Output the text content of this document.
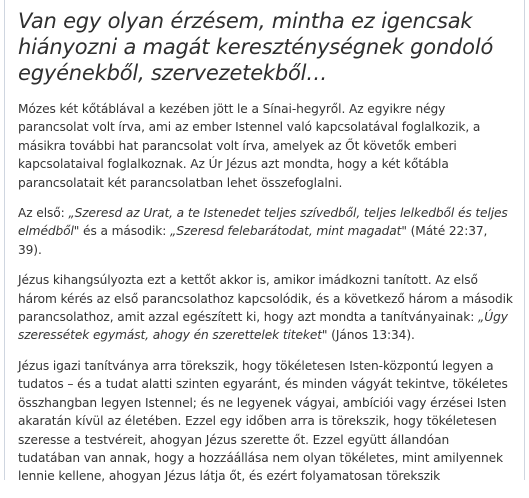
Van egy olyan érzésem, mintha ez igencsak hiányozni a magát kereszténységnek gondoló egyénekből, szervezetekből…

Mózes két kőtáblával a kezében jött le a Sínai-hegyről. Az egyikre négy parancsolat volt írva, ami az ember Istennel való kapcsolatával foglalkozik, a másikra további hat parancsolat volt írva, amelyek az Őt követők emberi kapcsolataival foglalkoznak. Az Úr Jézus azt mondta, hogy a két kőtábla parancsolatait két parancsolatban lehet összefoglalni.

Az első: „Szeresd az Urat, a te Istenedet teljes szívedből, teljes lelkedből és teljes elmédből" és a második: „Szeresd felebarátodat, mint magadat" (Máté 22:37, 39).

Jézus kihangsúlyozta ezt a kettőt akkor is, amikor imádkozni tanított. Az első három kérés az első parancsolathoz kapcsolódik, és a következő három a második parancsolathoz, amit azzal egészített ki, hogy azt mondta a tanítványainak: „Úgy szeressétek egymást, ahogy én szerettelek titeket" (János 13:34).

Jézus igazi tanítványa arra törekszik, hogy tökéletesen Isten-központú legyen a tudatos – és a tudat alatti szinten egyaránt, és minden vágyát tekintve, tökéletes összhangban legyen Istennel; és ne legyenek vágyai, ambíciói vagy érzései Isten akaratán kívül az életében. Ezzel egy időben arra is törekszik, hogy tökéletesen szeresse a testvéreit, ahogyan Jézus szerette őt. Ezzel együtt állandóan tudatában van annak, hogy a hozzáállása nem olyan tökéletes, mint amilyennek lennie kellene, ahogyan Jézus látja őt, és ezért folyamatosan törekszik
